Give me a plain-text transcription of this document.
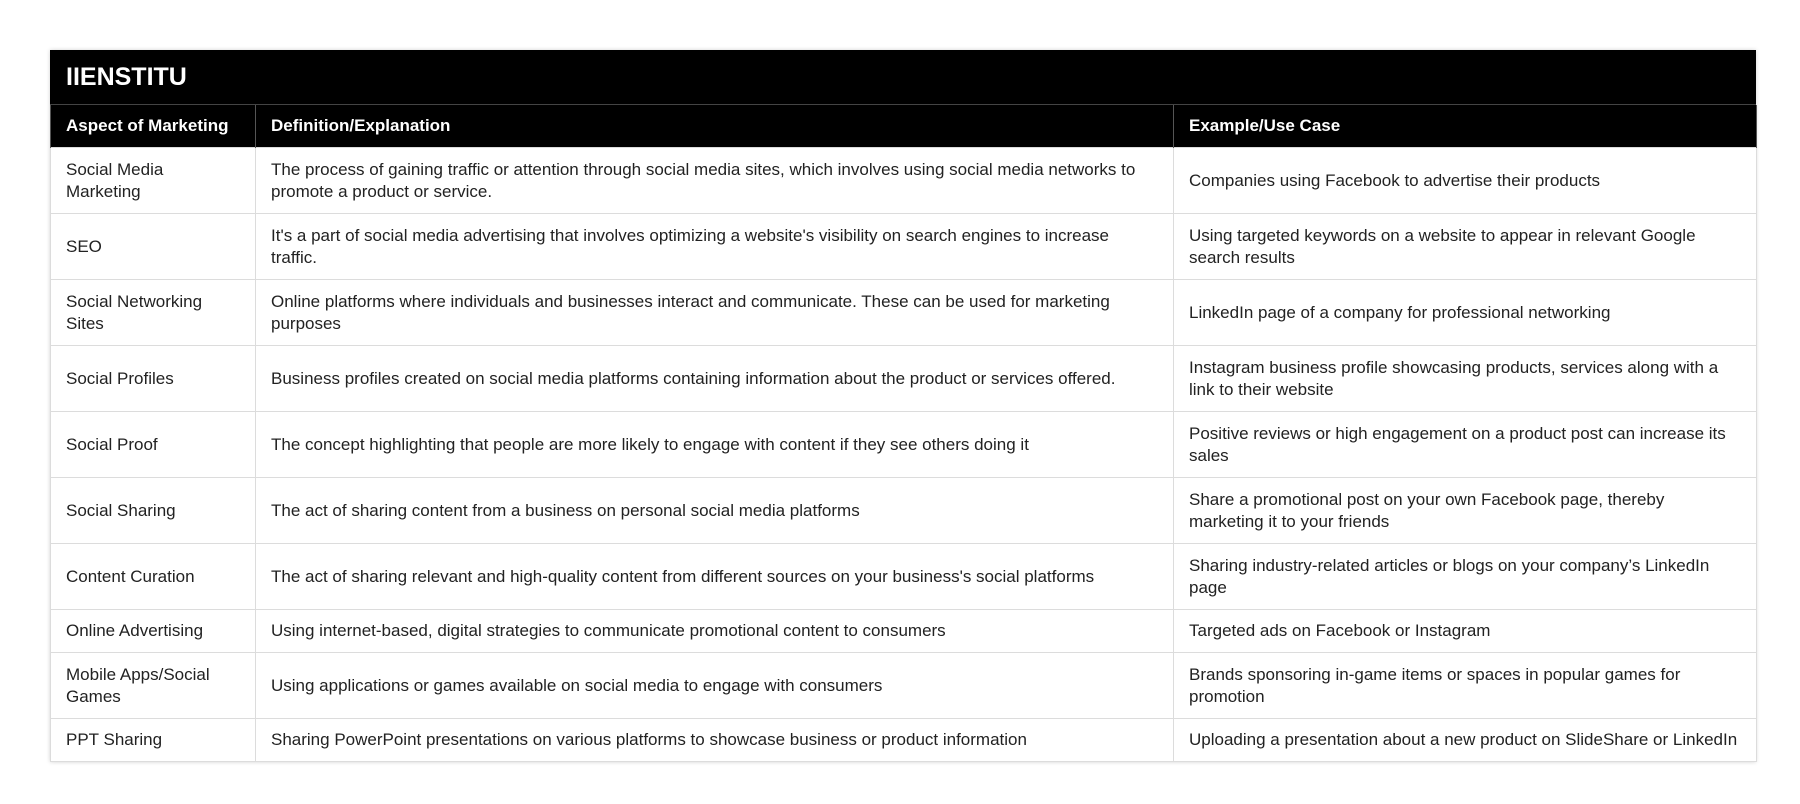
IIENSTITU
Aspect of Marketing	Definition/Explanation	Example/Use Case
Social Media Marketing	The process of gaining traffic or attention through social media sites, which involves using social media networks to promote a product or service.	Companies using Facebook to advertise their products
SEO	It's a part of social media advertising that involves optimizing a website's visibility on search engines to increase traffic.	Using targeted keywords on a website to appear in relevant Google search results
Social Networking Sites	Online platforms where individuals and businesses interact and communicate. These can be used for marketing purposes	LinkedIn page of a company for professional networking
Social Profiles	Business profiles created on social media platforms containing information about the product or services offered.	Instagram business profile showcasing products, services along with a link to their website
Social Proof	The concept highlighting that people are more likely to engage with content if they see others doing it	Positive reviews or high engagement on a product post can increase its sales
Social Sharing	The act of sharing content from a business on personal social media platforms	Share a promotional post on your own Facebook page, thereby marketing it to your friends
Content Curation	The act of sharing relevant and high-quality content from different sources on your business's social platforms	Sharing industry-related articles or blogs on your company’s LinkedIn page
Online Advertising	Using internet-based, digital strategies to communicate promotional content to consumers	Targeted ads on Facebook or Instagram
Mobile Apps/Social Games	Using applications or games available on social media to engage with consumers	Brands sponsoring in-game items or spaces in popular games for promotion
PPT Sharing	Sharing PowerPoint presentations on various platforms to showcase business or product information	Uploading a presentation about a new product on SlideShare or LinkedIn
